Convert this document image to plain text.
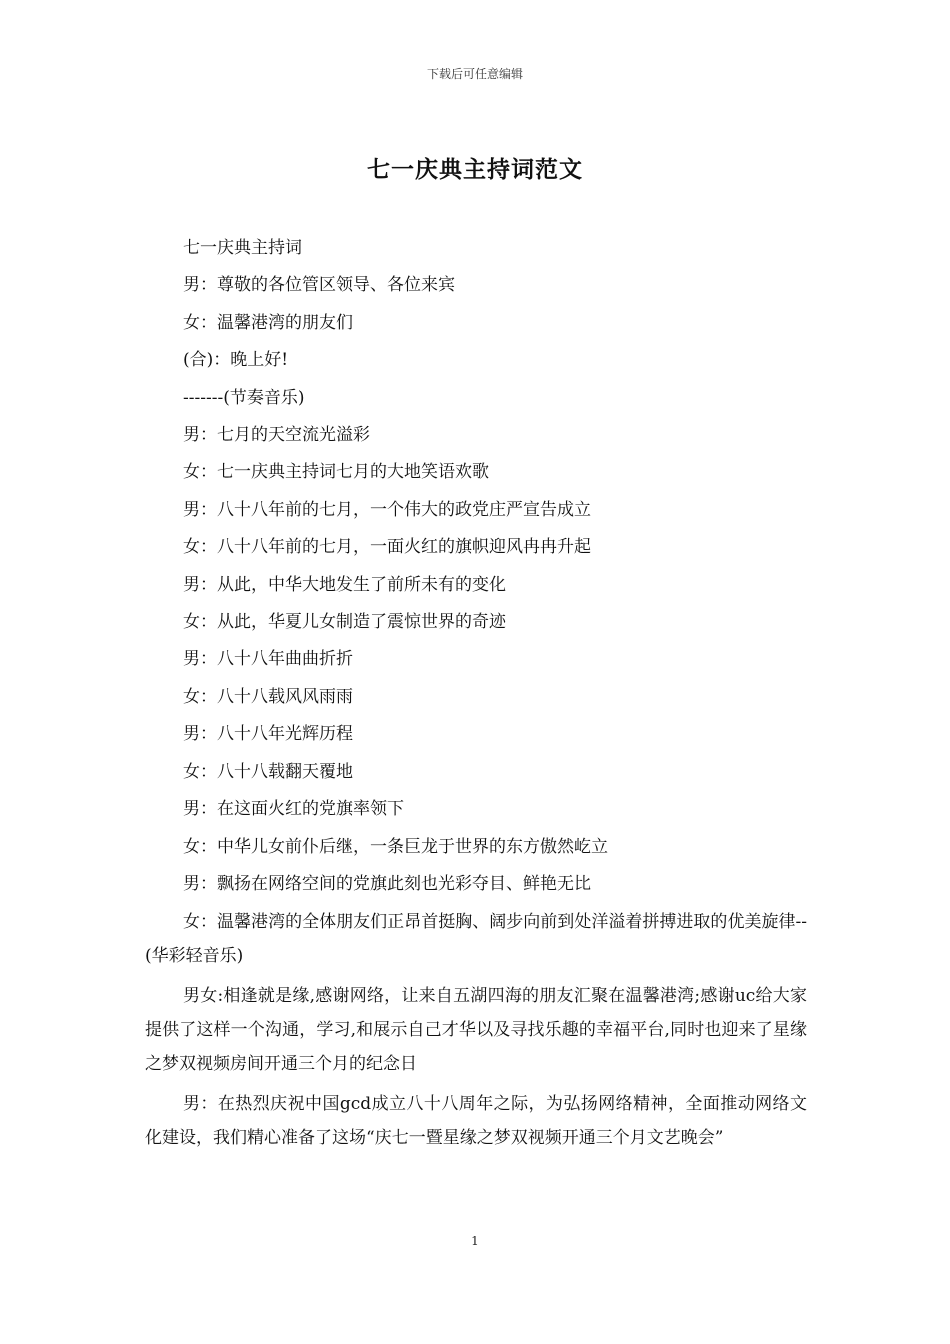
下载后可任意编辑
七一庆典主持词范文

七一庆典主持词

男：尊敬的各位管区领导、各位来宾

女：温馨港湾的朋友们

(合)：晚上好!

-------(节奏音乐)

男：七月的天空流光溢彩

女：七一庆典主持词七月的大地笑语欢歌

男：八十八年前的七月，一个伟大的政党庄严宣告成立

女：八十八年前的七月，一面火红的旗帜迎风冉冉升起

男：从此，中华大地发生了前所未有的变化

女：从此，华夏儿女制造了震惊世界的奇迹

男：八十八年曲曲折折

女：八十八载风风雨雨

男：八十八年光辉历程

女：八十八载翻天覆地

男：在这面火红的党旗率领下

女：中华儿女前仆后继，一条巨龙于世界的东方傲然屹立

男：飘扬在网络空间的党旗此刻也光彩夺目、鲜艳无比

女：温馨港湾的全体朋友们正昂首挺胸、阔步向前到处洋溢着拼搏进取的优美旋律--(华彩轻音乐)

男女:相逢就是缘,感谢网络，让来自五湖四海的朋友汇聚在温馨港湾;感谢uc给大家提供了这样一个沟通，学习,和展示自己才华以及寻找乐趣的幸福平台,同时也迎来了星缘之梦双视频房间开通三个月的纪念日

男：在热烈庆祝中国gcd成立八十八周年之际，为弘扬网络精神，全面推动网络文化建设，我们精心准备了这场“庆七一暨星缘之梦双视频开通三个月文艺晚会”

1
